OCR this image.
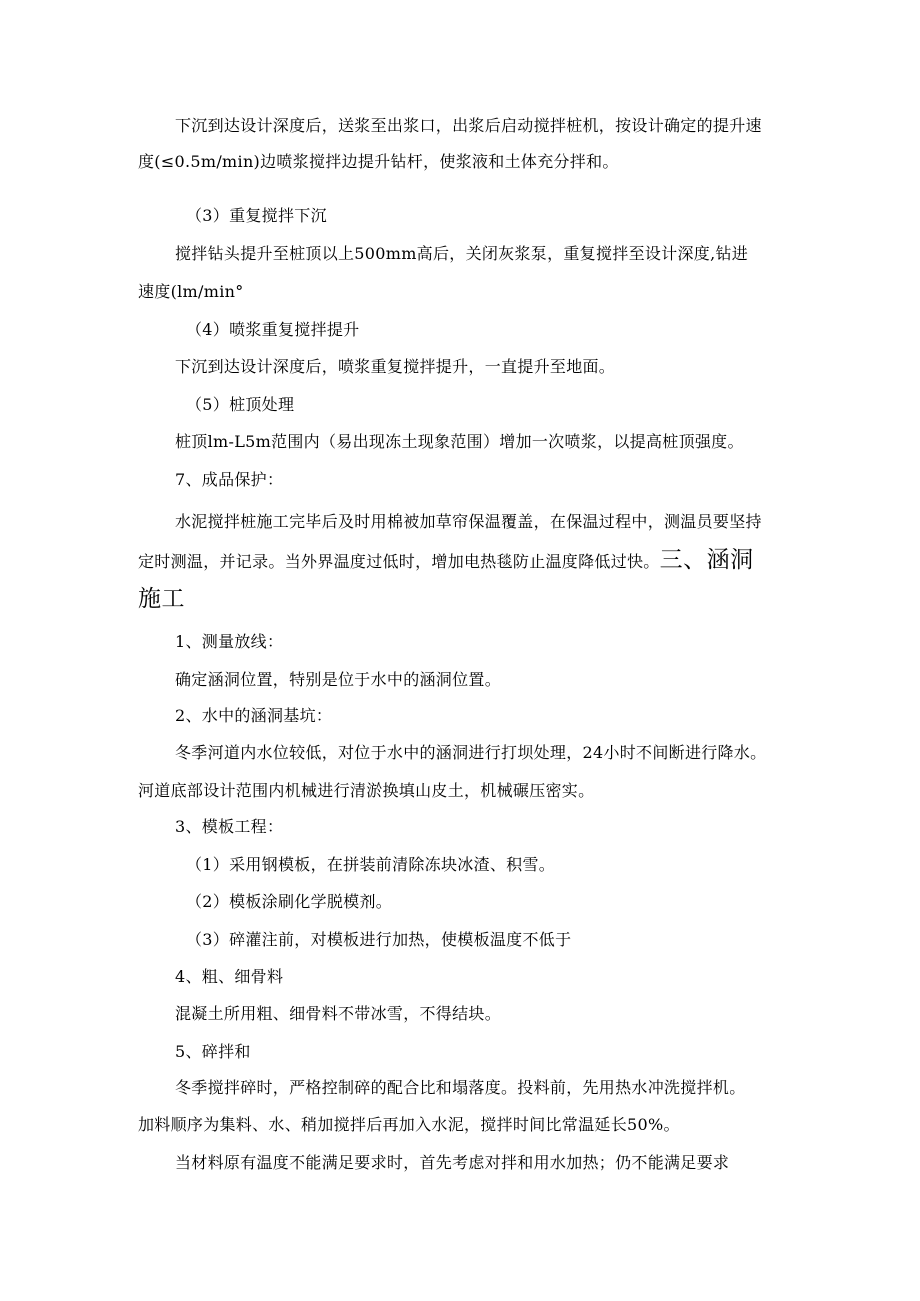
下沉到达设计深度后，送浆至出浆口，出浆后启动搅拌桩机，按设计确定的提升速
度(≤0.5m∕min)边喷浆搅拌边提升钻杆，使浆液和土体充分拌和。
（3）重复搅拌下沉
搅拌钻头提升至桩顶以上500mm高后，关闭灰浆泵，重复搅拌至设计深度,钻进
速度(lm∕min°
（4）喷浆重复搅拌提升
下沉到达设计深度后，喷浆重复搅拌提升，一直提升至地面。
（5）桩顶处理
桩顶lm-L5m范围内（易出现冻土现象范围）增加一次喷浆，以提高桩顶强度。
7、成品保护：
水泥搅拌桩施工完毕后及时用棉被加草帘保温覆盖，在保温过程中，测温员要坚持
定时测温，并记录。当外界温度过低时，增加电热毯防止温度降低过快。三、涵洞
施工
1、测量放线：
确定涵洞位置，特别是位于水中的涵洞位置。
2、水中的涵洞基坑：
冬季河道内水位较低，对位于水中的涵洞进行打坝处理，24小时不间断进行降水。
河道底部设计范围内机械进行清淤换填山皮土，机械碾压密实。
3、模板工程：
（1）采用钢模板，在拼装前清除冻块冰渣、积雪。
（2）模板涂刷化学脱模剂。
（3）碎灌注前，对模板进行加热，使模板温度不低于
4、粗、细骨料
混凝土所用粗、细骨料不带冰雪，不得结块。
5、碎拌和
冬季搅拌碎时，严格控制碎的配合比和塌落度。投料前，先用热水冲洗搅拌机。
加料顺序为集料、水、稍加搅拌后再加入水泥，搅拌时间比常温延长50%。
当材料原有温度不能满足要求时，首先考虑对拌和用水加热；仍不能满足要求
